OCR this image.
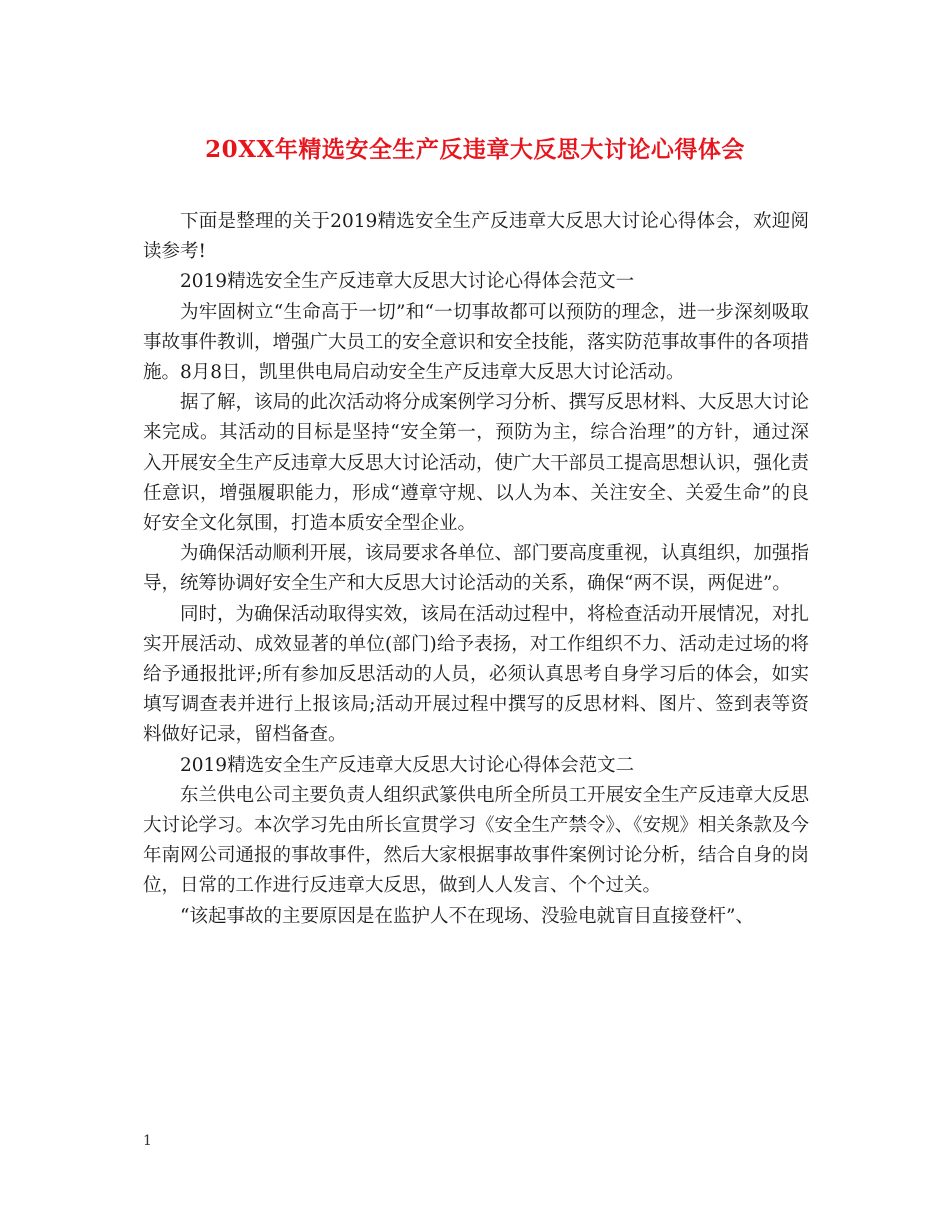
20XX年精选安全生产反违章大反思大讨论心得体会

下面是整理的关于2019精选安全生产反违章大反思大讨论心得体会，欢迎阅读参考!

2019精选安全生产反违章大反思大讨论心得体会范文一

为牢固树立“生命高于一切”和“一切事故都可以预防的理念，进一步深刻吸取事故事件教训，增强广大员工的安全意识和安全技能，落实防范事故事件的各项措施。8月8日，凯里供电局启动安全生产反违章大反思大讨论活动。

据了解，该局的此次活动将分成案例学习分析、撰写反思材料、大反思大讨论来完成。其活动的目标是坚持“安全第一，预防为主，综合治理”的方针，通过深入开展安全生产反违章大反思大讨论活动，使广大干部员工提高思想认识，强化责任意识，增强履职能力，形成“遵章守规、以人为本、关注安全、关爱生命”的良好安全文化氛围，打造本质安全型企业。

为确保活动顺利开展，该局要求各单位、部门要高度重视，认真组织，加强指导，统筹协调好安全生产和大反思大讨论活动的关系，确保“两不误，两促进”。

同时，为确保活动取得实效，该局在活动过程中，将检查活动开展情况，对扎实开展活动、成效显著的单位(部门)给予表扬，对工作组织不力、活动走过场的将给予通报批评;所有参加反思活动的人员，必须认真思考自身学习后的体会，如实填写调查表并进行上报该局;活动开展过程中撰写的反思材料、图片、签到表等资料做好记录，留档备查。

2019精选安全生产反违章大反思大讨论心得体会范文二

东兰供电公司主要负责人组织武篆供电所全所员工开展安全生产反违章大反思大讨论学习。本次学习先由所长宣贯学习《安全生产禁令》、《安规》相关条款及今年南网公司通报的事故事件，然后大家根据事故事件案例讨论分析，结合自身的岗位，日常的工作进行反违章大反思，做到人人发言、个个过关。

“该起事故的主要原因是在监护人不在现场、没验电就盲目直接登杆”、

1
